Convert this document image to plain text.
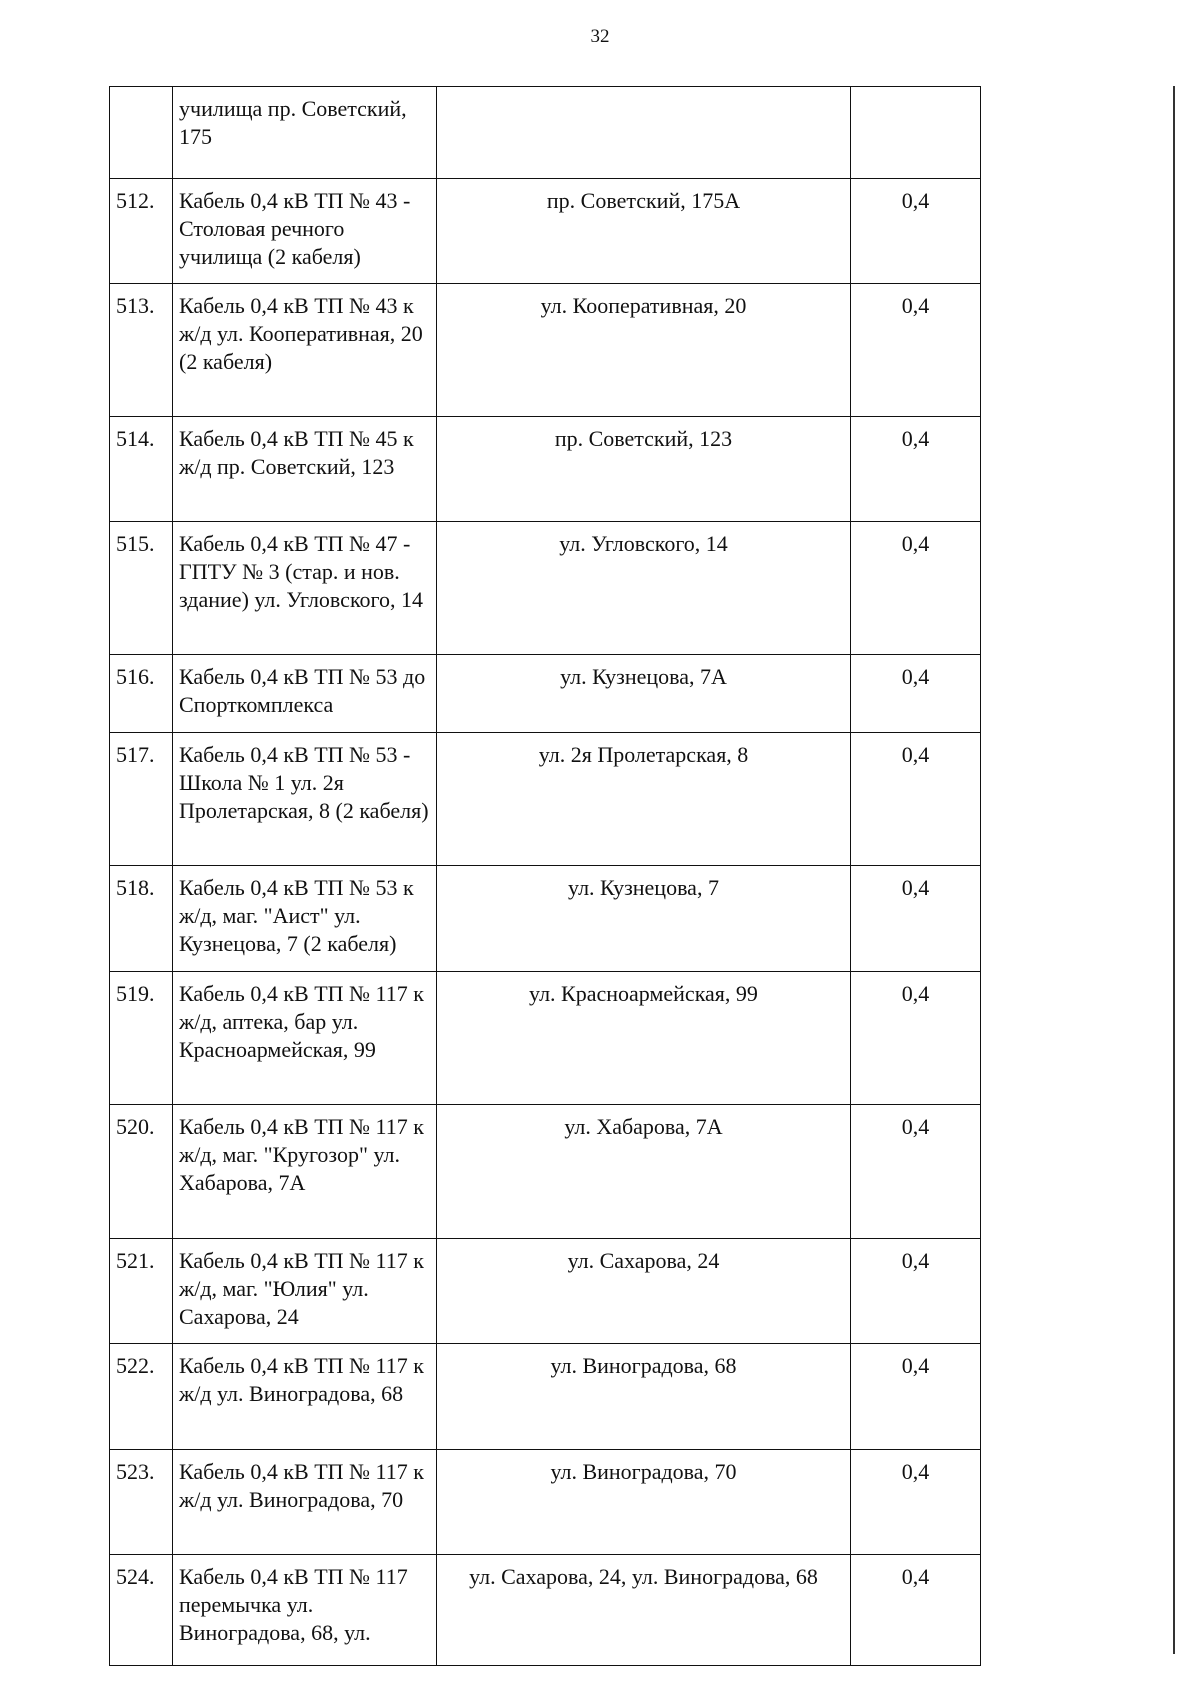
32
	училища пр. Советский, 175		
512.	Кабель 0,4 кВ ТП № 43 - Столовая речного училища (2 кабеля)	пр. Советский, 175А	0,4
513.	Кабель 0,4 кВ ТП № 43 к ж/д ул. Кооперативная, 20 (2 кабеля)	ул. Кооперативная, 20	0,4
514.	Кабель 0,4 кВ ТП № 45 к ж/д пр. Советский, 123	пр. Советский, 123	0,4
515.	Кабель 0,4 кВ ТП № 47 - ГПТУ № 3 (стар. и нов. здание) ул. Угловского, 14	ул. Угловского, 14	0,4
516.	Кабель 0,4 кВ ТП № 53 до Спорткомплекса	ул. Кузнецова, 7А	0,4
517.	Кабель 0,4 кВ ТП № 53 - Школа № 1 ул. 2я Пролетарская, 8 (2 кабеля)	ул. 2я Пролетарская, 8	0,4
518.	Кабель 0,4 кВ ТП № 53 к ж/д, маг. "Аист" ул. Кузнецова, 7 (2 кабеля)	ул. Кузнецова, 7	0,4
519.	Кабель 0,4 кВ ТП № 117 к ж/д, аптека, бар ул. Красноармейская, 99	ул. Красноармейская, 99	0,4
520.	Кабель 0,4 кВ ТП № 117 к ж/д, маг. "Кругозор" ул. Хабарова, 7А	ул. Хабарова, 7А	0,4
521.	Кабель 0,4 кВ ТП № 117 к ж/д, маг. "Юлия" ул. Сахарова, 24	ул. Сахарова, 24	0,4
522.	Кабель 0,4 кВ ТП № 117 к ж/д ул. Виноградова, 68	ул. Виноградова, 68	0,4
523.	Кабель 0,4 кВ ТП № 117 к ж/д ул. Виноградова, 70	ул. Виноградова, 70	0,4
524.	Кабель 0,4 кВ ТП № 117 перемычка ул. Виноградова, 68, ул.	ул. Сахарова, 24, ул. Виноградова, 68	0,4
